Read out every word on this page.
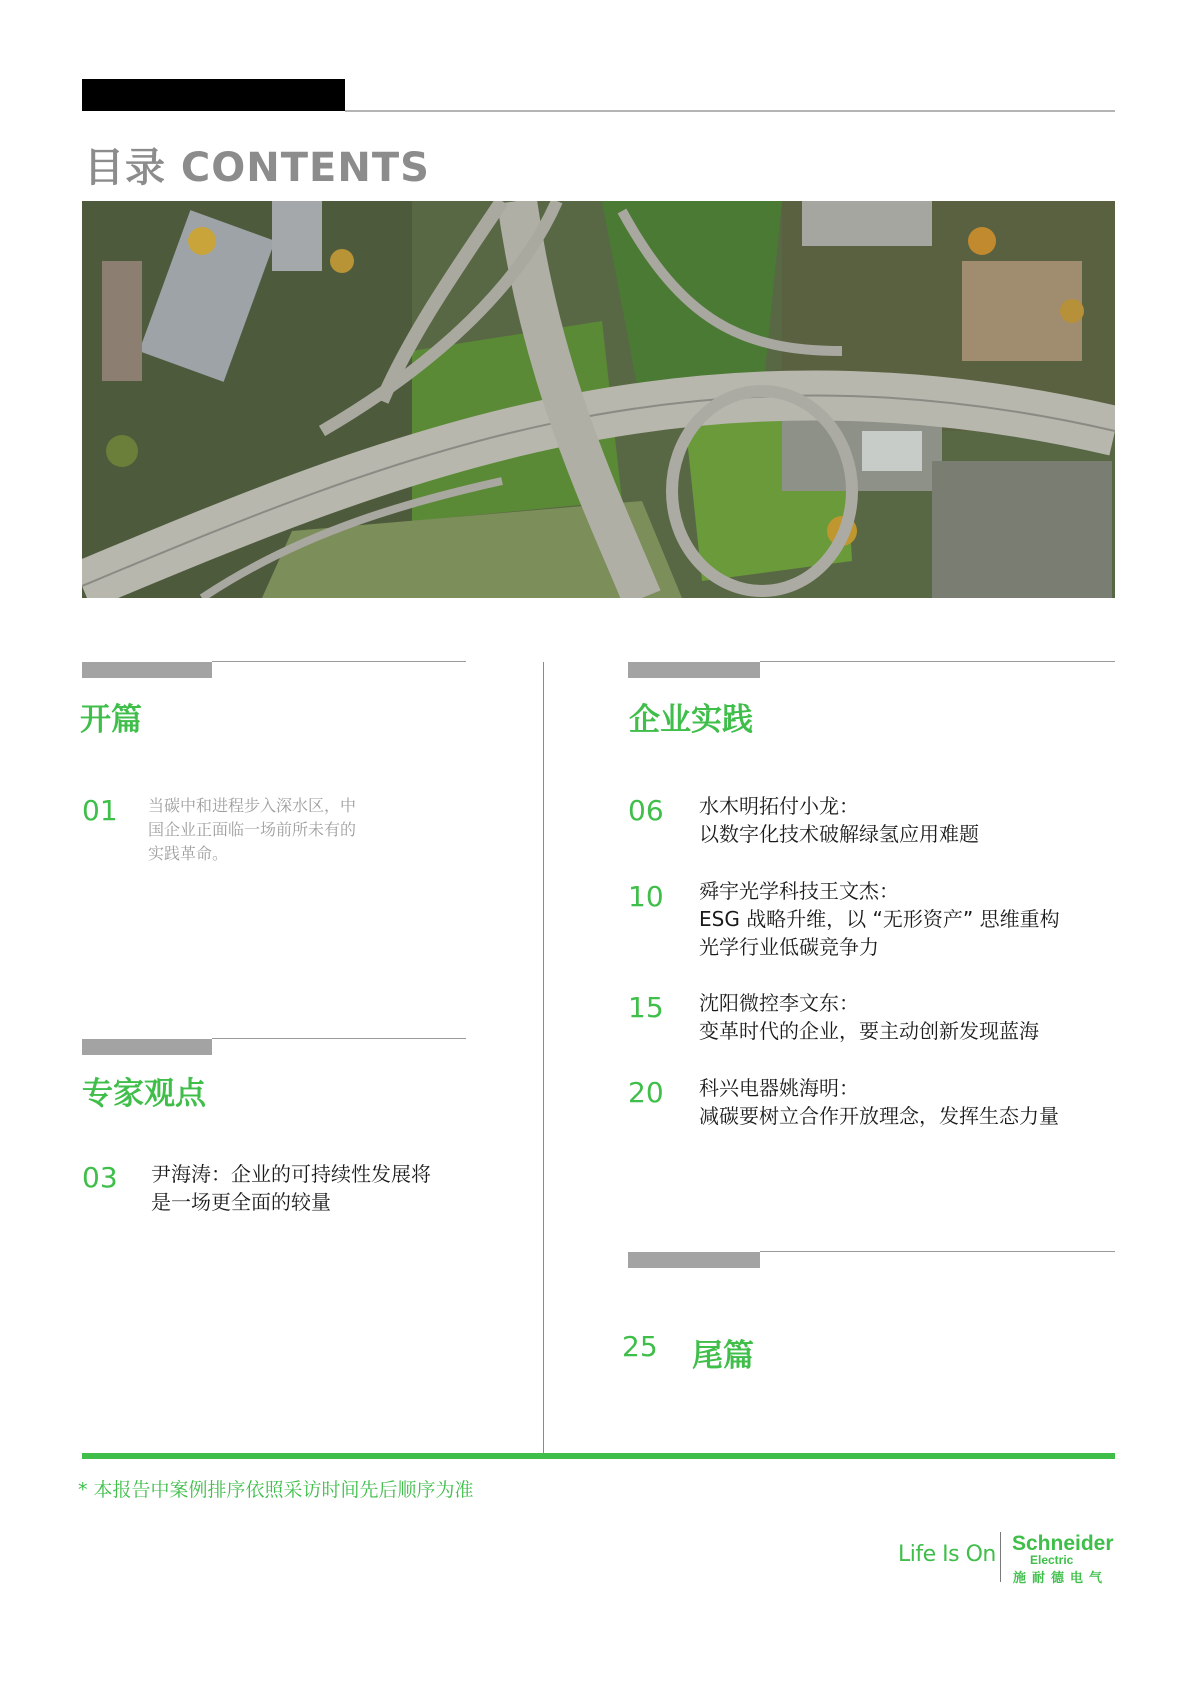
目录 CONTENTS
开篇
01 当碳中和进程步入深水区，中
国企业正面临一场前所未有的
实践革命。
专家观点
03 尹海涛：企业的可持续性发展将
是一场更全面的较量
企业实践
06 水木明拓付小龙：
以数字化技术破解绿氢应用难题
10 舜宇光学科技王文杰：
ESG 战略升维，以 “无形资产” 思维重构
光学行业低碳竞争力
15 沈阳微控李文东：
变革时代的企业，要主动创新发现蓝海
20 科兴电器姚海明：
减碳要树立合作开放理念，发挥生态力量
25 尾篇
* 本报告中案例排序依照采访时间先后顺序为准
Life Is On Schneider
Electric
施耐德电气
